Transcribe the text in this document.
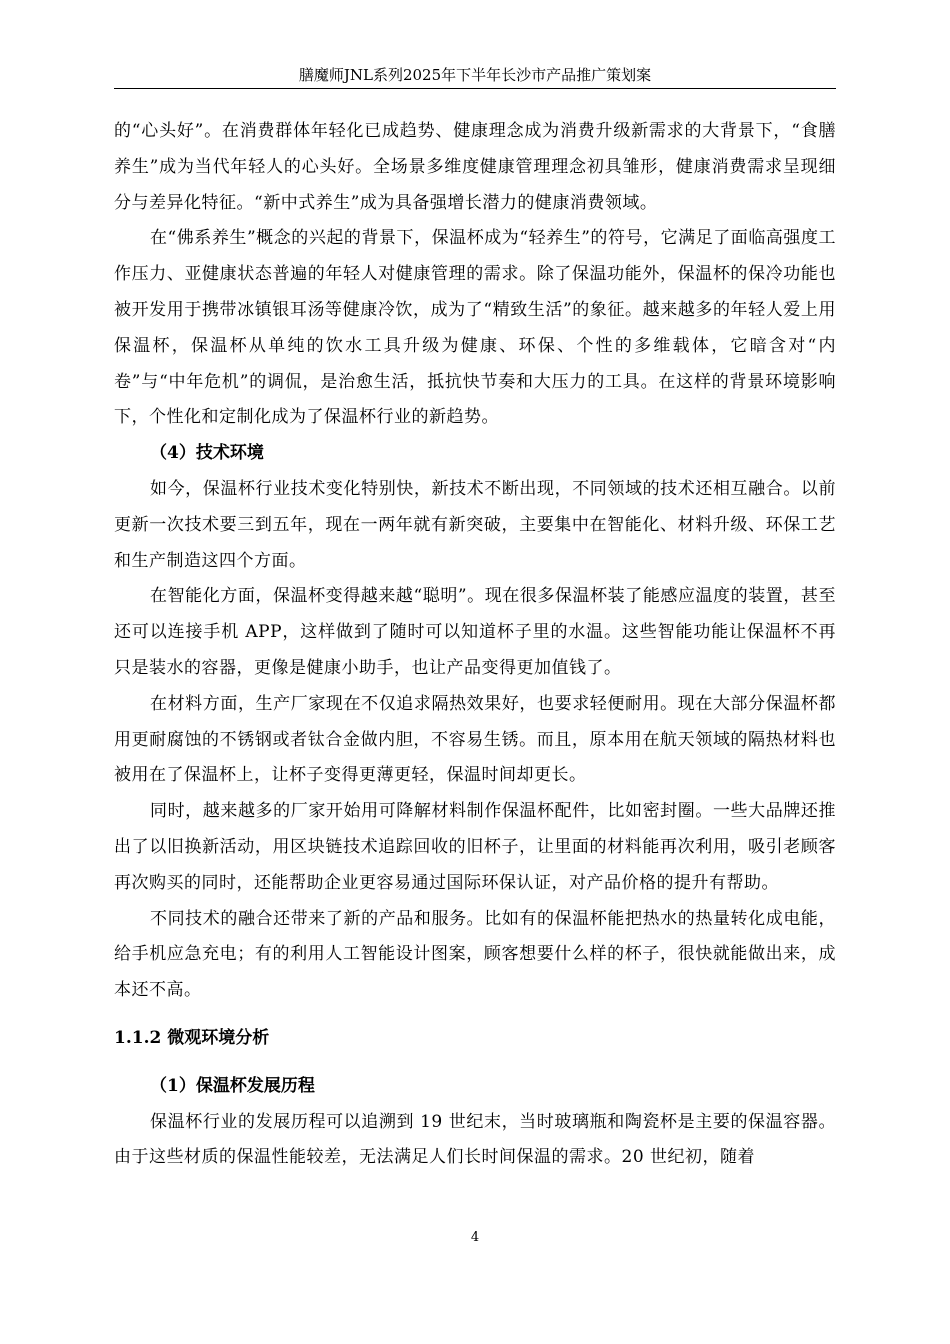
膳魔师JNL系列2025年下半年长沙市产品推广策划案

的“心头好”。在消费群体年轻化已成趋势、健康理念成为消费升级新需求的大背景下，“食膳养生”成为当代年轻人的心头好。全场景多维度健康管理理念初具雏形，健康消费需求呈现细分与差异化特征。“新中式养生”成为具备强增长潜力的健康消费领域。

在“佛系养生”概念的兴起的背景下，保温杯成为“轻养生”的符号，它满足了面临高强度工作压力、亚健康状态普遍的年轻人对健康管理的需求。除了保温功能外，保温杯的保冷功能也被开发用于携带冰镇银耳汤等健康冷饮，成为了“精致生活”的象征。越来越多的年轻人爱上用保温杯，保温杯从单纯的饮水工具升级为健康、环保、个性的多维载体，它暗含对“内卷”与“中年危机”的调侃，是治愈生活，抵抗快节奏和大压力的工具。在这样的背景环境影响下，个性化和定制化成为了保温杯行业的新趋势。

（4）技术环境

如今，保温杯行业技术变化特别快，新技术不断出现，不同领域的技术还相互融合。以前更新一次技术要三到五年，现在一两年就有新突破，主要集中在智能化、材料升级、环保工艺和生产制造这四个方面。

在智能化方面，保温杯变得越来越“聪明”。现在很多保温杯装了能感应温度的装置，甚至还可以连接手机 APP，这样做到了随时可以知道杯子里的水温。这些智能功能让保温杯不再只是装水的容器，更像是健康小助手，也让产品变得更加值钱了。

在材料方面，生产厂家现在不仅追求隔热效果好，也要求轻便耐用。现在大部分保温杯都用更耐腐蚀的不锈钢或者钛合金做内胆，不容易生锈。而且，原本用在航天领域的隔热材料也被用在了保温杯上，让杯子变得更薄更轻，保温时间却更长。

同时，越来越多的厂家开始用可降解材料制作保温杯配件，比如密封圈。一些大品牌还推出了以旧换新活动，用区块链技术追踪回收的旧杯子，让里面的材料能再次利用，吸引老顾客再次购买的同时，还能帮助企业更容易通过国际环保认证，对产品价格的提升有帮助。

不同技术的融合还带来了新的产品和服务。比如有的保温杯能把热水的热量转化成电能，给手机应急充电；有的利用人工智能设计图案，顾客想要什么样的杯子，很快就能做出来，成本还不高。

1.1.2 微观环境分析

（1）保温杯发展历程

保温杯行业的发展历程可以追溯到 19 世纪末，当时玻璃瓶和陶瓷杯是主要的保温容器。由于这些材质的保温性能较差，无法满足人们长时间保温的需求。20 世纪初，随着

4
